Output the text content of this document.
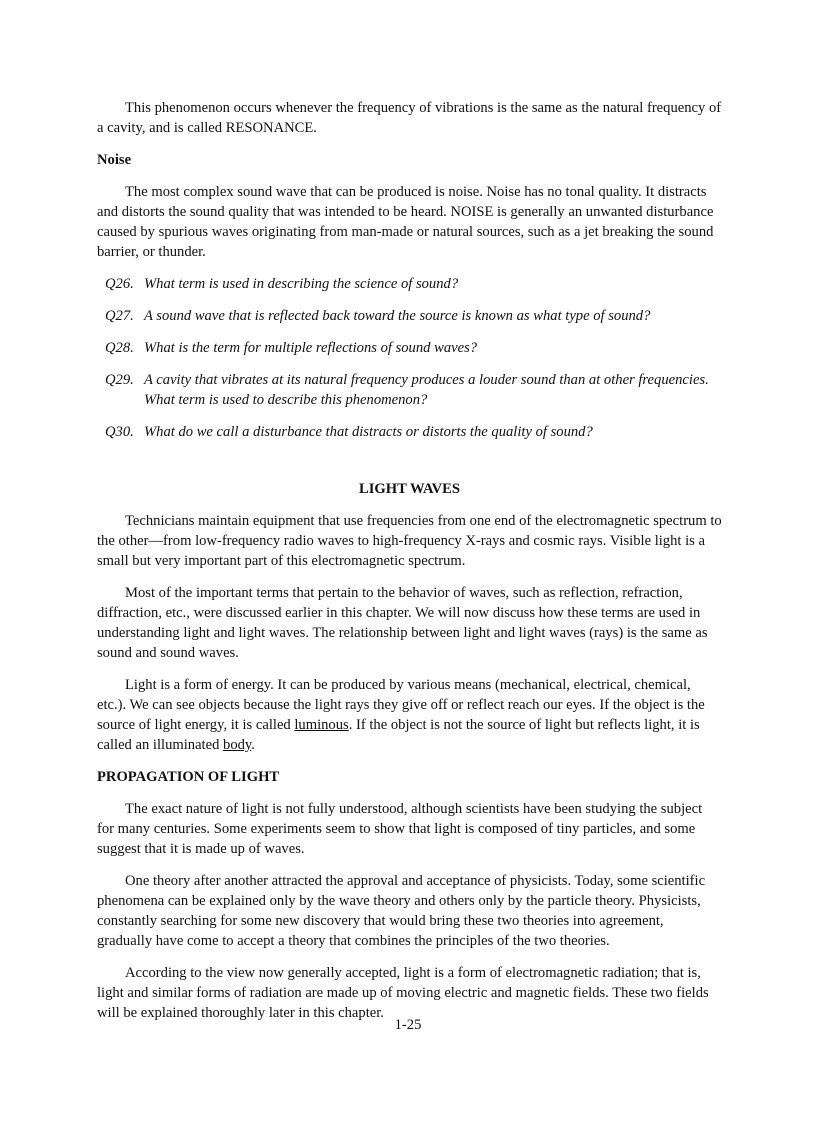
This phenomenon occurs whenever the frequency of vibrations is the same as the natural frequency of a cavity, and is called RESONANCE.

Noise

The most complex sound wave that can be produced is noise. Noise has no tonal quality. It distracts and distorts the sound quality that was intended to be heard. NOISE is generally an unwanted disturbance caused by spurious waves originating from man-made or natural sources, such as a jet breaking the sound barrier, or thunder.

Q26. What term is used in describing the science of sound?
Q27. A sound wave that is reflected back toward the source is known as what type of sound?
Q28. What is the term for multiple reflections of sound waves?
Q29. A cavity that vibrates at its natural frequency produces a louder sound than at other frequencies. What term is used to describe this phenomenon?
Q30. What do we call a disturbance that distracts or distorts the quality of sound?

LIGHT WAVES

Technicians maintain equipment that use frequencies from one end of the electromagnetic spectrum to the other—from low-frequency radio waves to high-frequency X-rays and cosmic rays. Visible light is a small but very important part of this electromagnetic spectrum.

Most of the important terms that pertain to the behavior of waves, such as reflection, refraction, diffraction, etc., were discussed earlier in this chapter. We will now discuss how these terms are used in understanding light and light waves. The relationship between light and light waves (rays) is the same as sound and sound waves.

Light is a form of energy. It can be produced by various means (mechanical, electrical, chemical, etc.). We can see objects because the light rays they give off or reflect reach our eyes. If the object is the source of light energy, it is called luminous. If the object is not the source of light but reflects light, it is called an illuminated body.

PROPAGATION OF LIGHT

The exact nature of light is not fully understood, although scientists have been studying the subject for many centuries. Some experiments seem to show that light is composed of tiny particles, and some suggest that it is made up of waves.

One theory after another attracted the approval and acceptance of physicists. Today, some scientific phenomena can be explained only by the wave theory and others only by the particle theory. Physicists, constantly searching for some new discovery that would bring these two theories into agreement, gradually have come to accept a theory that combines the principles of the two theories.

According to the view now generally accepted, light is a form of electromagnetic radiation; that is, light and similar forms of radiation are made up of moving electric and magnetic fields. These two fields will be explained thoroughly later in this chapter.

1-25
